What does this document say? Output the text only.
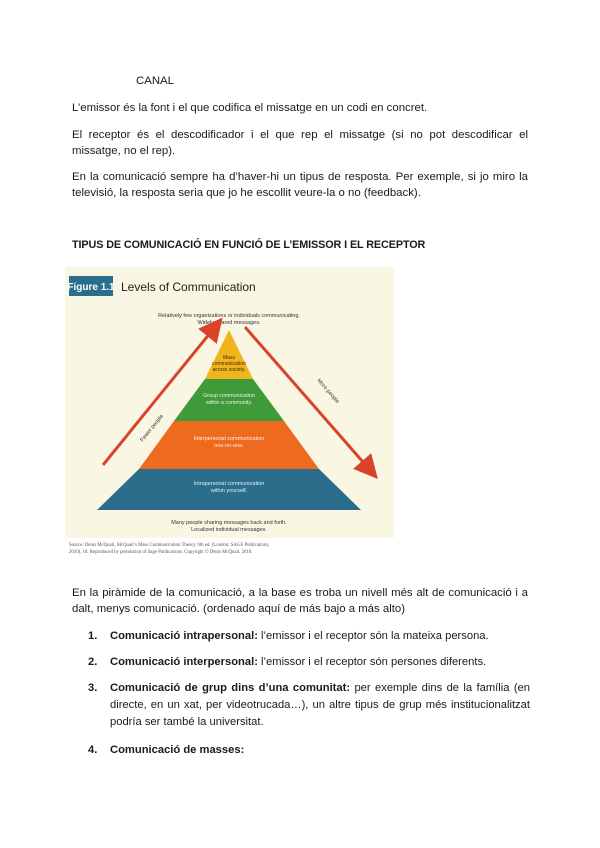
CANAL

L’emissor és la font i el que codifica el missatge en un codi en concret.

El receptor és el descodificador i el que rep el missatge (si no pot descodificar el missatge, no el rep).

En la comunicació sempre ha d’haver-hi un tipus de resposta. Per exemple, si jo miro la televisió, la resposta seria que jo he escollit veure-la o no (feedback).

TIPUS DE COMUNICACIÓ EN FUNCIÓ DE L’EMISSOR I EL RECEPTOR

Figure 1.1 Levels of Communication
Relatively few organizations or individuals communicating.
Widely shared messages.
Mass
communication
across society.
Group communication
within a community.
Interpersonal communication
one-on-one.
Intrapersonal communication
within yourself.
Fewer people
More people
Many people sharing messages back and forth.
Localized individual messages.
Source: Denis McQuail, McQuail’s Mass Communication Theory, 6th ed. (London: SAGE Publications,
2010), 18. Reproduced by permission of Sage Publications. Copyright © Denis McQuail, 2010.

En la piràmide de la comunicació, a la base es troba un nivell més alt de comunicació i a dalt, menys comunicació. (ordenado aquí de más bajo a más alto)

1.	Comunicació intrapersonal: l’emissor i el receptor són la mateixa persona.
2.	Comunicació interpersonal: l’emissor i el receptor són persones diferents.
3.	Comunicació de grup dins d’una comunitat: per exemple dins de la família (en directe, en un xat, per videotrucada…), un altre tipus de grup més institucionalitzat podría ser també la universitat.
4.	Comunicació de masses:
